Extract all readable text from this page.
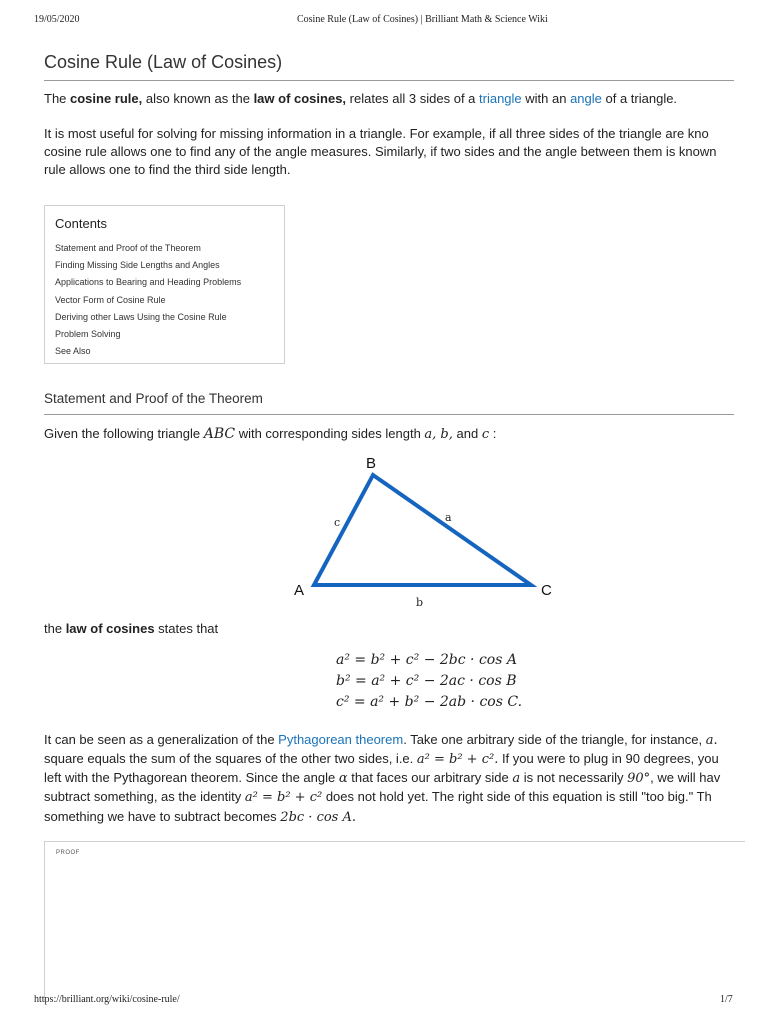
19/05/2020	Cosine Rule (Law of Cosines) | Brilliant Math & Science Wiki
Cosine Rule (Law of Cosines)
The cosine rule, also known as the law of cosines, relates all 3 sides of a triangle with an angle of a triangle.
It is most useful for solving for missing information in a triangle. For example, if all three sides of the triangle are kno
cosine rule allows one to find any of the angle measures. Similarly, if two sides and the angle between them is known
rule allows one to find the third side length.
Contents
Statement and Proof of the Theorem
Finding Missing Side Lengths and Angles
Applications to Bearing and Heading Problems
Vector Form of Cosine Rule
Deriving other Laws Using the Cosine Rule
Problem Solving
See Also
Statement and Proof of the Theorem
Given the following triangle ABC with corresponding sides length a, b, and c :
B
A	C
a
b
c
the law of cosines states that
a² = b² + c² − 2bc · cos A
b² = a² + c² − 2ac · cos B
c² = a² + b² − 2ab · cos C.
It can be seen as a generalization of the Pythagorean theorem. Take one arbitrary side of the triangle, for instance, a.
square equals the sum of the squares of the other two sides, i.e. a² = b² + c². If you were to plug in 90 degrees, you
left with the Pythagorean theorem. Since the angle α that faces our arbitrary side a is not necessarily 90°, we will hav
subtract something, as the identity a² = b² + c² does not hold yet. The right side of this equation is still "too big." Th
something we have to subtract becomes 2bc · cos A.
PROOF
https://brilliant.org/wiki/cosine-rule/	1/7
